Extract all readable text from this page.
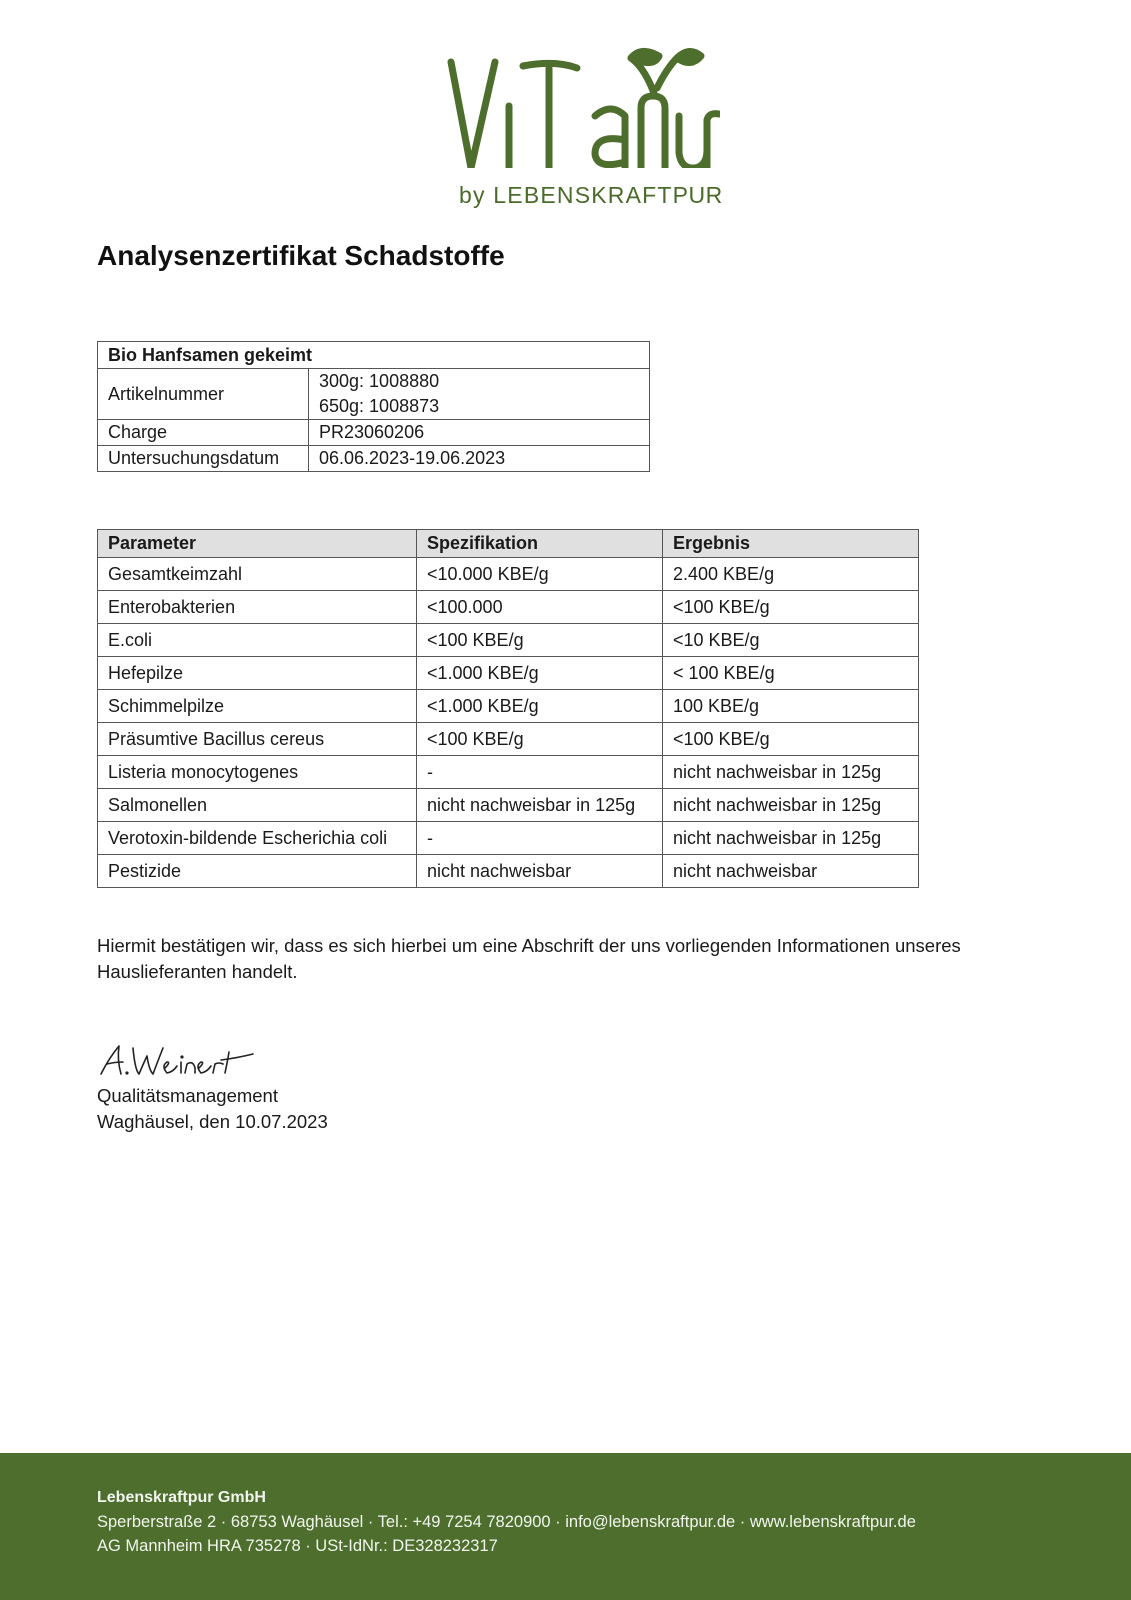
by LEBENSKRAFTPUR
Analysenzertifikat Schadstoffe
Bio Hanfsamen gekeimt	
Artikelnummer	300g: 1008880
650g: 1008873

Charge	PR23060206
Untersuchungsdatum	06.06.2023-19.06.2023
Parameter	Spezifikation	Ergebnis
Gesamtkeimzahl	<10.000 KBE/g	2.400 KBE/g
Enterobakterien	<100.000	<100 KBE/g
E.coli	<100 KBE/g	<10 KBE/g
Hefepilze	<1.000 KBE/g	< 100 KBE/g
Schimmelpilze	<1.000 KBE/g	100 KBE/g
Präsumtive Bacillus cereus	<100 KBE/g	<100 KBE/g
Listeria monocytogenes	-	nicht nachweisbar in 125g
Salmonellen	nicht nachweisbar in 125g	nicht nachweisbar in 125g
Verotoxin-bildende Escherichia coli	-	nicht nachweisbar in 125g
Pestizide	nicht nachweisbar	nicht nachweisbar

Hiermit bestätigen wir, dass es sich hierbei um eine Abschrift der uns vorliegenden Informationen unseres Hauslieferanten handelt.

Qualitätsmanagement
Waghäusel, den 10.07.2023
Lebenskraftpur GmbH
Sperberstraße 2 · 68753 Waghäusel · Tel.: +49 7254 7820900 · info@lebenskraftpur.de · www.lebenskraftpur.de
AG Mannheim HRA 735278 · USt-IdNr.: DE328232317
